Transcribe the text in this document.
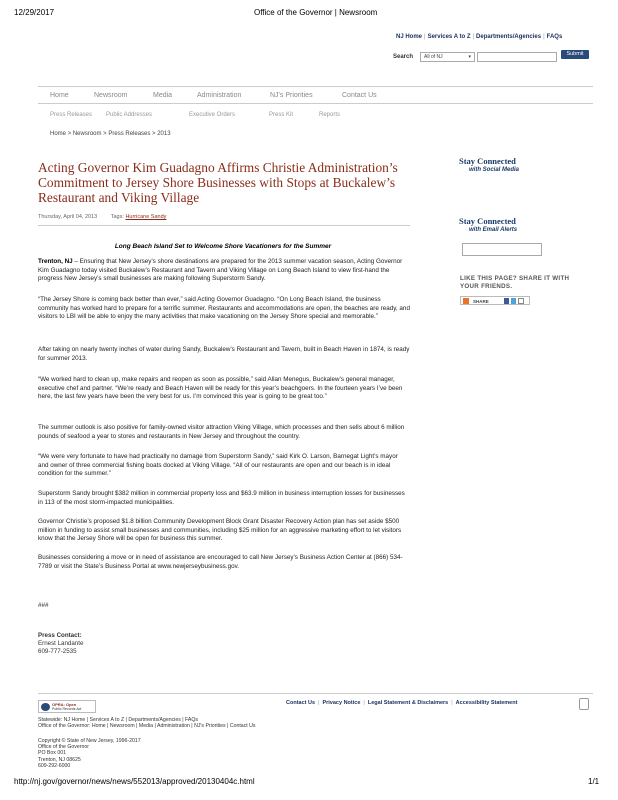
12/29/2017	Office of the Governor | Newsroom
NJ Home | Services A to Z | Departments/Agencies | FAQs
Search	All of NJ	▾	Submit
Home	Newsroom	Media	Administration	NJ's Priorities	Contact Us
Press Releases Public Addresses	Executive Orders	Press Kit	Reports
Home > Newsroom > Press Releases > 2013
Acting Governor Kim Guadagno Affirms Christie Administration’s Commitment to Jersey Shore Businesses with Stops at Buckalew’s Restaurant and Viking Village
Thursday, April 04, 2013 Tags: Hurricane Sandy
Long Beach Island Set to Welcome Shore Vacationers for the Summer
Trenton, NJ – Ensuring that New Jersey’s shore destinations are prepared for the 2013 summer vacation season, Acting Governor Kim Guadagno today visited Buckalew’s Restaurant and Tavern and Viking Village on Long Beach Island to view first-hand the progress New Jersey’s small businesses are making following Superstorm Sandy.
“The Jersey Shore is coming back better than ever,” said Acting Governor Guadagno. “On Long Beach Island, the business community has worked hard to prepare for a terrific summer. Restaurants and accommodations are open, the beaches are ready, and visitors to LBI will be able to enjoy the many activities that make vacationing on the Jersey Shore special and memorable.”
After taking on nearly twenty inches of water during Sandy, Buckalew’s Restaurant and Tavern, built in Beach Haven in 1874, is ready for summer 2013.
“We worked hard to clean up, make repairs and reopen as soon as possible,” said Allan Menegus, Buckalew’s general manager, executive chef and partner. “We’re ready and Beach Haven will be ready for this year’s beachgoers. In the fourteen years I’ve been here, the last few years have been the very best for us. I’m convinced this year is going to be great too.”
The summer outlook is also positive for family-owned visitor attraction Viking Village, which processes and then sells about 6 million pounds of seafood a year to stores and restaurants in New Jersey and throughout the country.
“We were very fortunate to have had practically no damage from Superstorm Sandy,” said Kirk O. Larson, Barnegat Light’s mayor and owner of three commercial fishing boats docked at Viking Village. “All of our restaurants are open and our beach is in ideal condition for the summer.”
Superstorm Sandy brought $382 million in commercial property loss and $63.9 million in business interruption losses for businesses in 113 of the most storm-impacted municipalities.
Governor Christie’s proposed $1.8 billion Community Development Block Grant Disaster Recovery Action plan has set aside $500 million in funding to assist small businesses and communities, including $25 million for an aggressive marketing effort to let visitors know that the Jersey Shore will be open for business this summer.
Businesses considering a move or in need of assistance are encouraged to call New Jersey’s Business Action Center at (866) 534-7789 or visit the State’s Business Portal at www.newjerseybusiness.gov.
###
Press Contact:
Ernest Landante
609-777-2535
Stay Connected
with Social Media
Stay Connected
with Email Alerts
LIKE THIS PAGE? SHARE IT WITH YOUR FRIENDS.
SHARE
OPRA: Open
Public Records Act
Contact Us | Privacy Notice | Legal Statement & Disclaimers | Accessibility Statement
Statewide: NJ Home | Services A to Z | Departments/Agencies | FAQs
Office of the Governor: Home | Newsroom | Media | Administration | NJ's Priorities | Contact Us
Copyright © State of New Jersey, 1996-2017
Office of the Governor
PO Box 001
Trenton, NJ 08625
609-292-6000
http://nj.gov/governor/news/news/552013/approved/20130404c.html	1/1
